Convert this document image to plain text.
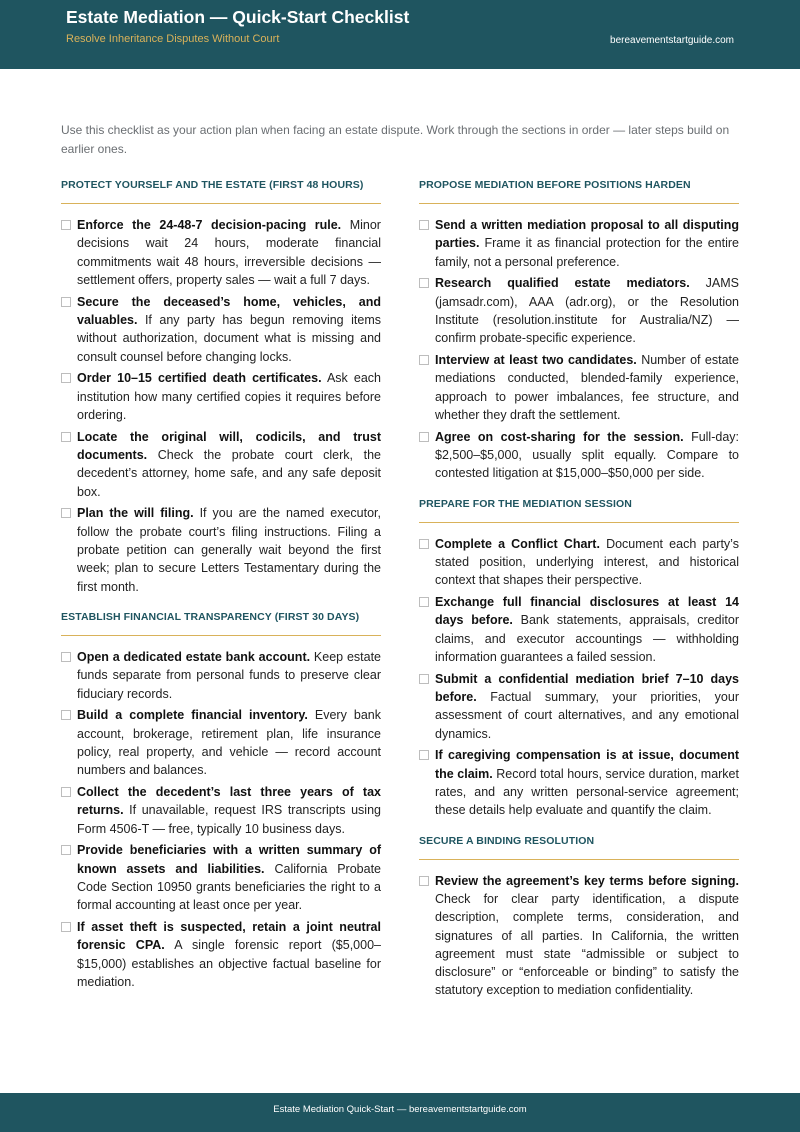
Estate Mediation — Quick-Start Checklist
Resolve Inheritance Disputes Without Court	bereavementstartguide.com
Use this checklist as your action plan when facing an estate dispute. Work through the sections in order — later steps build on earlier ones.
PROTECT YOURSELF AND THE ESTATE (FIRST 48 HOURS)
Enforce the 24-48-7 decision-pacing rule. Minor decisions wait 24 hours, moderate financial commitments wait 48 hours, irreversible decisions — settlement offers, property sales — wait a full 7 days.
Secure the deceased’s home, vehicles, and valuables. If any party has begun removing items without authorization, document what is missing and consult counsel before changing locks.
Order 10–15 certified death certificates. Ask each institution how many certified copies it requires before ordering.
Locate the original will, codicils, and trust documents. Check the probate court clerk, the decedent’s attorney, home safe, and any safe deposit box.
Plan the will filing. If you are the named executor, follow the probate court’s filing instructions. Filing a probate petition can generally wait beyond the first week; plan to secure Letters Testamentary during the first month.
ESTABLISH FINANCIAL TRANSPARENCY (FIRST 30 DAYS)
Open a dedicated estate bank account. Keep estate funds separate from personal funds to preserve clear fiduciary records.
Build a complete financial inventory. Every bank account, brokerage, retirement plan, life insurance policy, real property, and vehicle — record account numbers and balances.
Collect the decedent’s last three years of tax returns. If unavailable, request IRS transcripts using Form 4506-T — free, typically 10 business days.
Provide beneficiaries with a written summary of known assets and liabilities. California Probate Code Section 10950 grants beneficiaries the right to a formal accounting at least once per year.
If asset theft is suspected, retain a joint neutral forensic CPA. A single forensic report ($5,000–$15,000) establishes an objective factual baseline for mediation.
PROPOSE MEDIATION BEFORE POSITIONS HARDEN
Send a written mediation proposal to all disputing parties. Frame it as financial protection for the entire family, not a personal preference.
Research qualified estate mediators. JAMS (jamsadr.com), AAA (adr.org), or the Resolution Institute (resolution.institute for Australia/NZ) — confirm probate-specific experience.
Interview at least two candidates. Number of estate mediations conducted, blended-family experience, approach to power imbalances, fee structure, and whether they draft the settlement.
Agree on cost-sharing for the session. Full-day: $2,500–$5,000, usually split equally. Compare to contested litigation at $15,000–$50,000 per side.
PREPARE FOR THE MEDIATION SESSION
Complete a Conflict Chart. Document each party’s stated position, underlying interest, and historical context that shapes their perspective.
Exchange full financial disclosures at least 14 days before. Bank statements, appraisals, creditor claims, and executor accountings — withholding information guarantees a failed session.
Submit a confidential mediation brief 7–10 days before. Factual summary, your priorities, your assessment of court alternatives, and any emotional dynamics.
If caregiving compensation is at issue, document the claim. Record total hours, service duration, market rates, and any written personal-service agreement; these details help evaluate and quantify the claim.
SECURE A BINDING RESOLUTION
Review the agreement’s key terms before signing. Check for clear party identification, a dispute description, complete terms, consideration, and signatures of all parties. In California, the written agreement must state “admissible or subject to disclosure” or “enforceable or binding” to satisfy the statutory exception to mediation confidentiality.
Estate Mediation Quick-Start — bereavementstartguide.com
